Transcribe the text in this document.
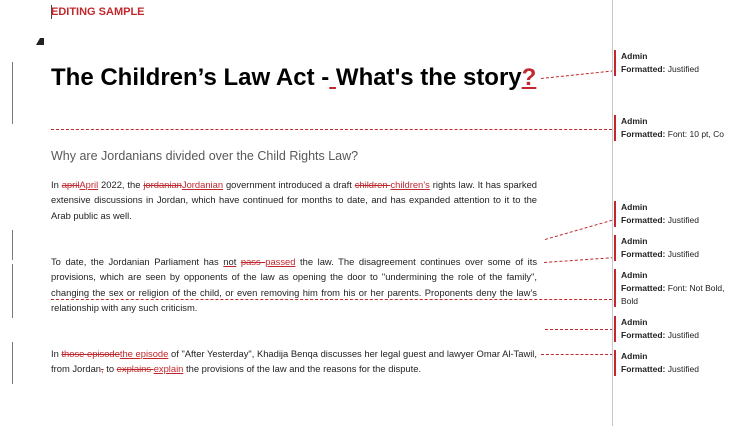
EDITING SAMPLE
The Children’s Law Act - What's the story?
Why are Jordanians divided over the Child Rights Law?
In aprilApril 2022, the jordanianJordanian government introduced a draft children children’s rights law. It has sparked extensive discussions in Jordan, which have continued for months to date, and has expanded attention to it to the Arab public as well.
To date, the Jordanian Parliament has not pass passed the law. The disagreement continues over some of its provisions, which are seen by opponents of the law as opening the door to "undermining the role of the family", changing the sex or religion of the child, or even removing him from his or her parents. Proponents deny the law’s relationship with any such criticism.
In those episodethe episode of "After Yesterday", Khadija Benqa discusses her legal guest and lawyer Omar Al-Tawil, from Jordan, to explains explain the provisions of the law and the reasons for the dispute.
Admin
Formatted: Justified
Admin
Formatted: Font: 10 pt, Co
Admin
Formatted: Justified
Admin
Formatted: Justified
Admin
Formatted: Font: Not Bold, Bold
Admin
Formatted: Justified
Admin
Formatted: Justified
